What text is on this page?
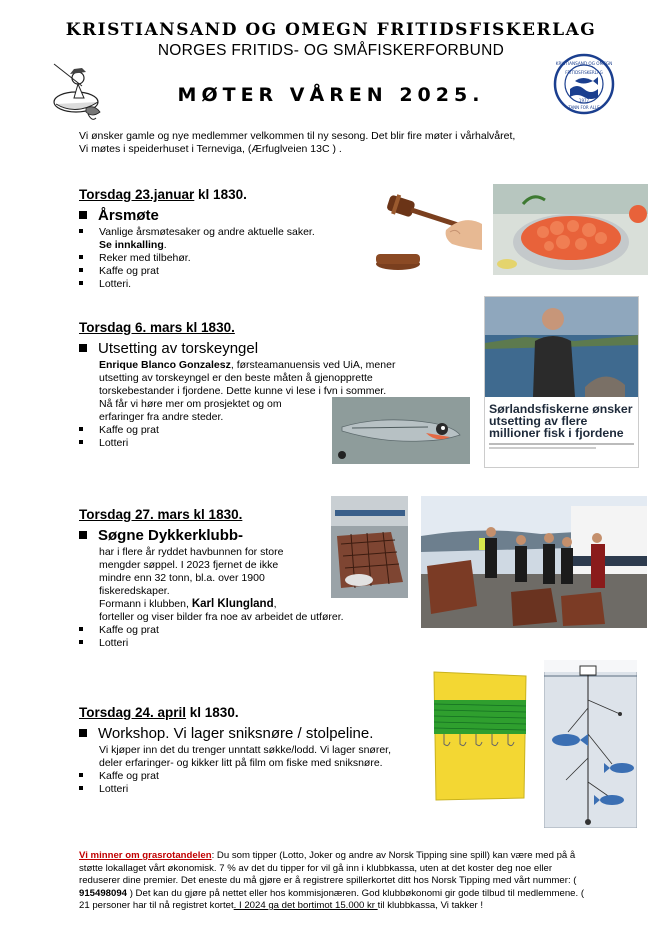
KRISTIANSAND OG OMEGN FRITIDSFISKERLAG
NORGES FRITIDS- OG SMÅFISKERFORBUND
MØTER VÅREN 2025.
KRISTIANSAND OG OMEGN
FRITIDSFISKERLAG
1977
TANN FOR ALLE
Vi ønsker gamle og nye medlemmer velkommen til ny sesong. Det blir fire møter i vårhalvåret,
Vi møtes i speiderhuset i Terneviga, (Ærfuglveien 13C ) .
Torsdag 23.januar kl 1830.
Årsmøte
Vanlige årsmøtesaker og andre aktuelle saker.
Se innkalling.
Reker med tilbehør.
Kaffe og prat
Lotteri.
Torsdag 6. mars kl 1830.
Utsetting av torskeyngel
Enrique Blanco Gonzalesz, førsteamanuensis ved UiA, mener
utsetting av torskeyngel er den beste måten å gjenopprette
torskebestander i fjordene. Dette kunne vi lese i fvn i sommer.
Nå får vi høre mer om prosjektet og om
erfaringer fra andre steder.
Kaffe og prat
Lotteri
Sørlandsfiskerne ønsker utsetting av flere millioner fisk i fjordene
Torsdag 27. mars kl 1830.
Søgne Dykkerklubb-
har i flere år ryddet havbunnen for store
mengder søppel. I 2023 fjernet de ikke
mindre enn 32 tonn, bl.a. over 1900
fiskeredskaper.
Formann i klubben, Karl Klungland,
forteller og viser bilder fra noe av arbeidet de utfører.
Kaffe og prat
Lotteri
Torsdag 24. april kl 1830.
Workshop. Vi lager sniksnøre / stolpeline.
Vi kjøper inn det du trenger unntatt søkke/lodd. Vi lager snører,
deler erfaringer- og kikker litt på film om fiske med sniksnøre.
Kaffe og prat
Lotteri
Vi minner om grasrotandelen: Du som tipper (Lotto, Joker og andre av Norsk Tipping sine spill) kan være med på å støtte lokallaget vårt økonomisk. 7 % av det du tipper for vil gå inn i klubbkassa, uten at det koster deg noe eller reduserer dine premier. Det eneste du må gjøre er å registrere spillerkortet ditt hos Norsk Tipping med vårt nummer: ( 915498094 ) Det kan du gjøre på nettet eller hos kommisjonæren. God klubbøkonomi gir gode tilbud til medlemmene. ( 21 personer har til nå registret kortet. I 2024 ga det bortimot 15.000 kr til klubbkassa, Vi takker !
